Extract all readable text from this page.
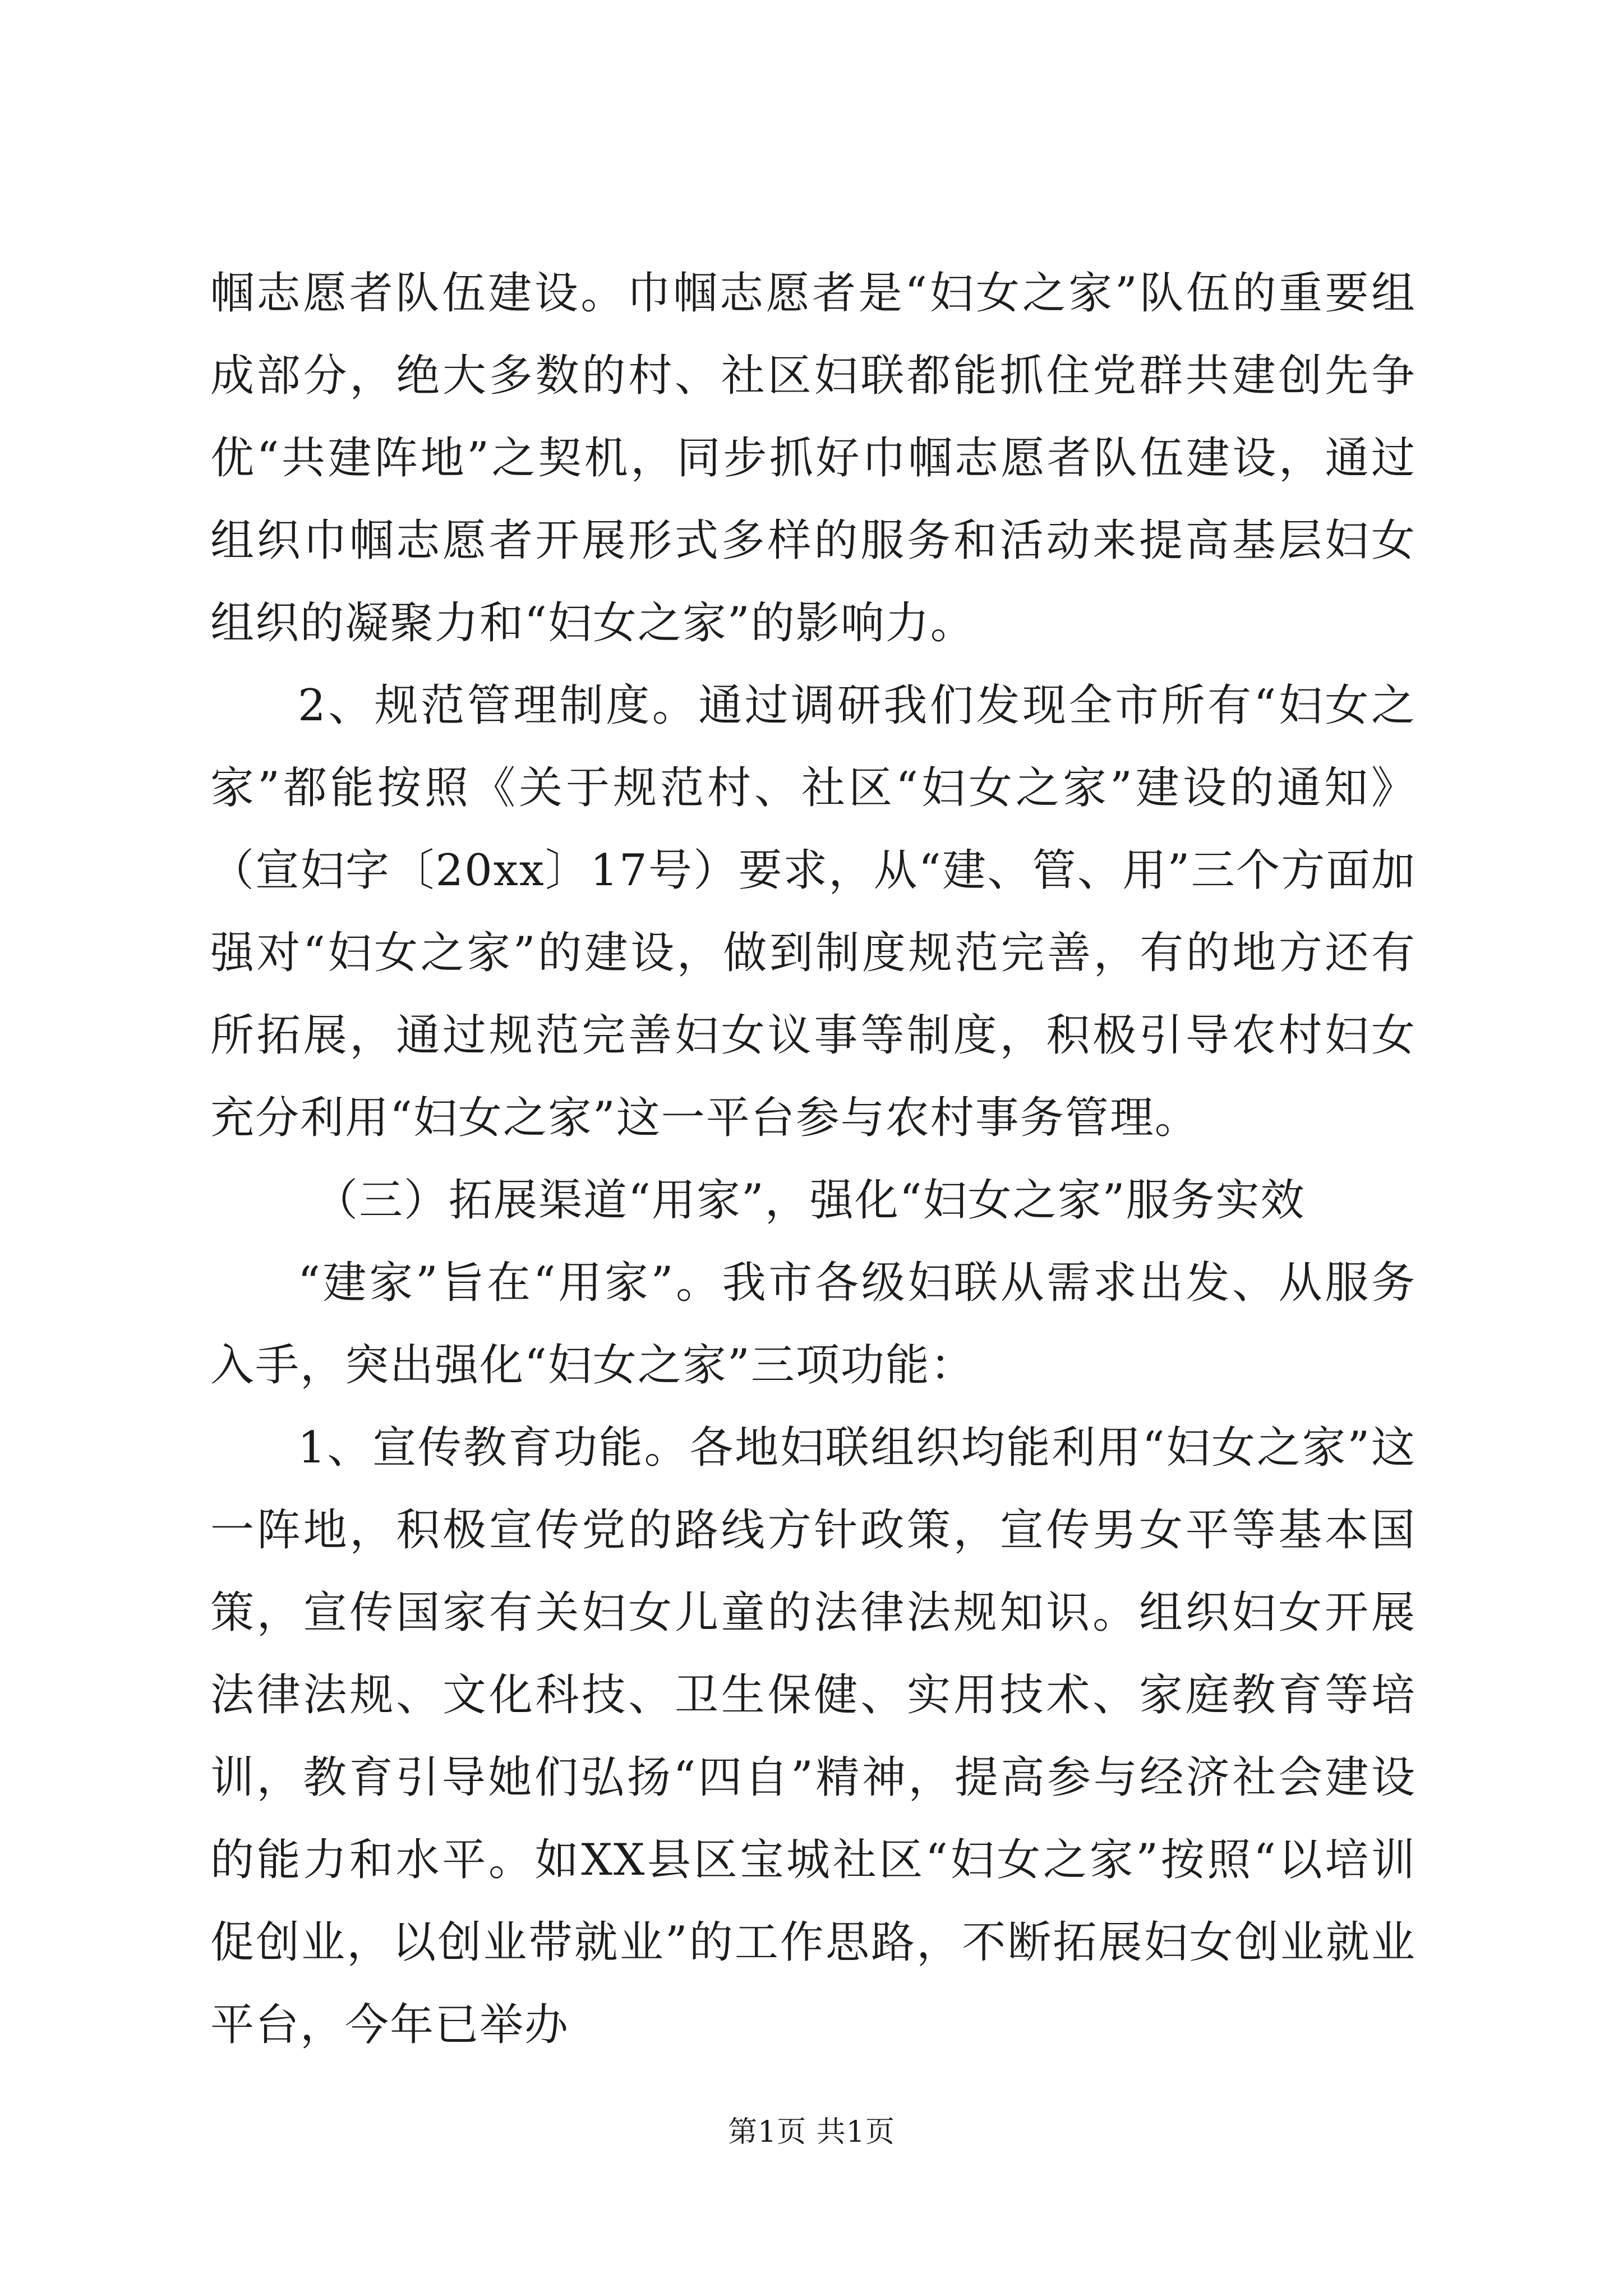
帼志愿者队伍建设。巾帼志愿者是“妇女之家”队伍的重要组成部分，绝大多数的村、社区妇联都能抓住党群共建创先争优“共建阵地”之契机，同步抓好巾帼志愿者队伍建设，通过组织巾帼志愿者开展形式多样的服务和活动来提高基层妇女组织的凝聚力和“妇女之家”的影响力。

2、规范管理制度。通过调研我们发现全市所有“妇女之家”都能按照《关于规范村、社区“妇女之家”建设的通知》（宣妇字〔20xx〕17号）要求，从“建、管、用”三个方面加强对“妇女之家”的建设，做到制度规范完善，有的地方还有所拓展，通过规范完善妇女议事等制度，积极引导农村妇女充分利用“妇女之家”这一平台参与农村事务管理。

（三）拓展渠道“用家”，强化“妇女之家”服务实效

“建家”旨在“用家”。我市各级妇联从需求出发、从服务入手，突出强化“妇女之家”三项功能：

1、宣传教育功能。各地妇联组织均能利用“妇女之家”这一阵地，积极宣传党的路线方针政策，宣传男女平等基本国策，宣传国家有关妇女儿童的法律法规知识。组织妇女开展法律法规、文化科技、卫生保健、实用技术、家庭教育等培训，教育引导她们弘扬“四自”精神，提高参与经济社会建设的能力和水平。如XX县区宝城社区“妇女之家”按照“以培训促创业，以创业带就业”的工作思路，不断拓展妇女创业就业平台，今年已举办

第1页 共1页
